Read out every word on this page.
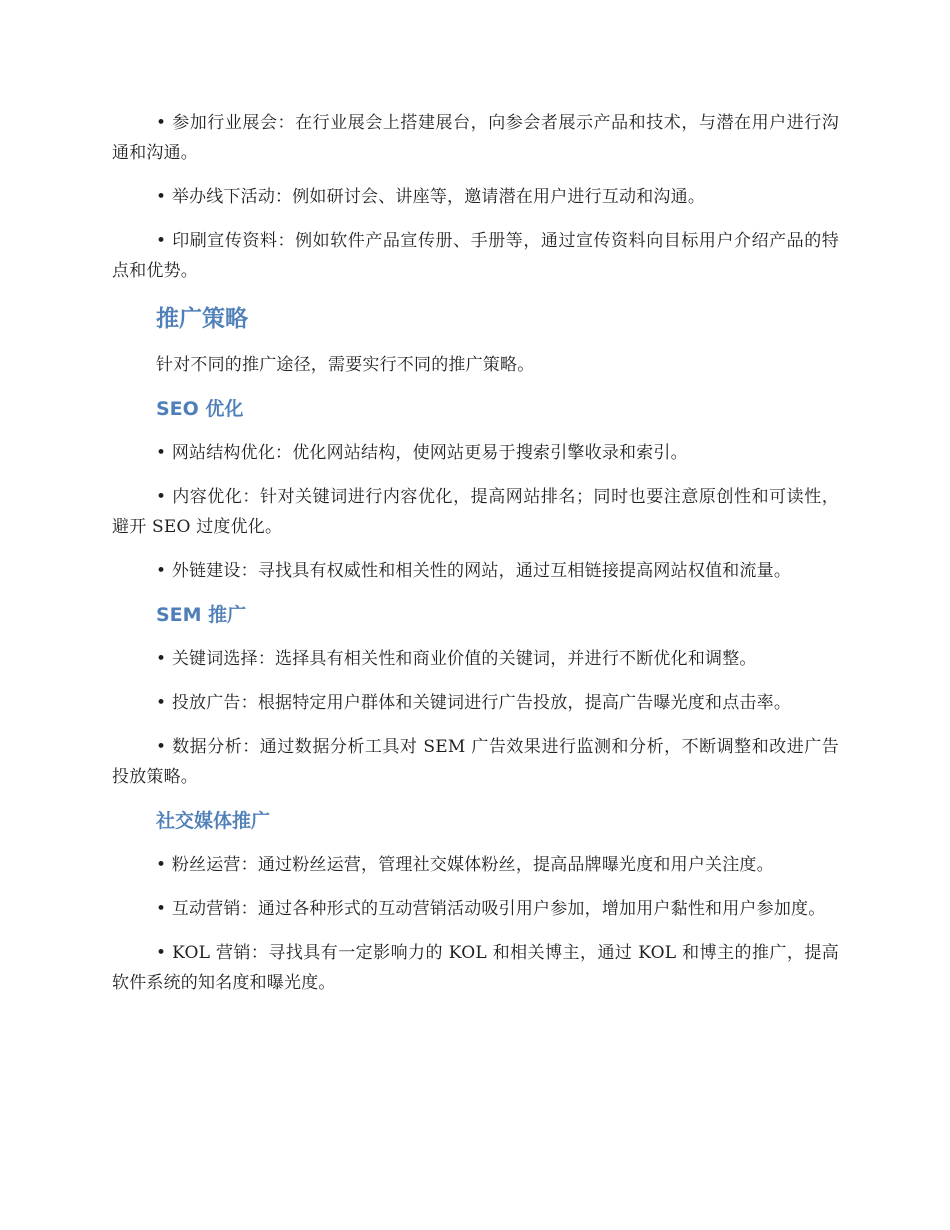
• 参加行业展会：在行业展会上搭建展台，向参会者展示产品和技术，与潜在用户进行沟通和沟通。

• 举办线下活动：例如研讨会、讲座等，邀请潜在用户进行互动和沟通。

• 印刷宣传资料：例如软件产品宣传册、手册等，通过宣传资料向目标用户介绍产品的特点和优势。

推广策略

针对不同的推广途径，需要实行不同的推广策略。

SEO 优化

• 网站结构优化：优化网站结构，使网站更易于搜索引擎收录和索引。

• 内容优化：针对关键词进行内容优化，提高网站排名；同时也要注意原创性和可读性，避开 SEO 过度优化。

• 外链建设：寻找具有权威性和相关性的网站，通过互相链接提高网站权值和流量。

SEM 推广

• 关键词选择：选择具有相关性和商业价值的关键词，并进行不断优化和调整。

• 投放广告：根据特定用户群体和关键词进行广告投放，提高广告曝光度和点击率。

• 数据分析：通过数据分析工具对 SEM 广告效果进行监测和分析，不断调整和改进广告投放策略。

社交媒体推广

• 粉丝运营：通过粉丝运营，管理社交媒体粉丝，提高品牌曝光度和用户关注度。

• 互动营销：通过各种形式的互动营销活动吸引用户参加，增加用户黏性和用户参加度。

• KOL 营销：寻找具有一定影响力的 KOL 和相关博主，通过 KOL 和博主的推广，提高软件系统的知名度和曝光度。
